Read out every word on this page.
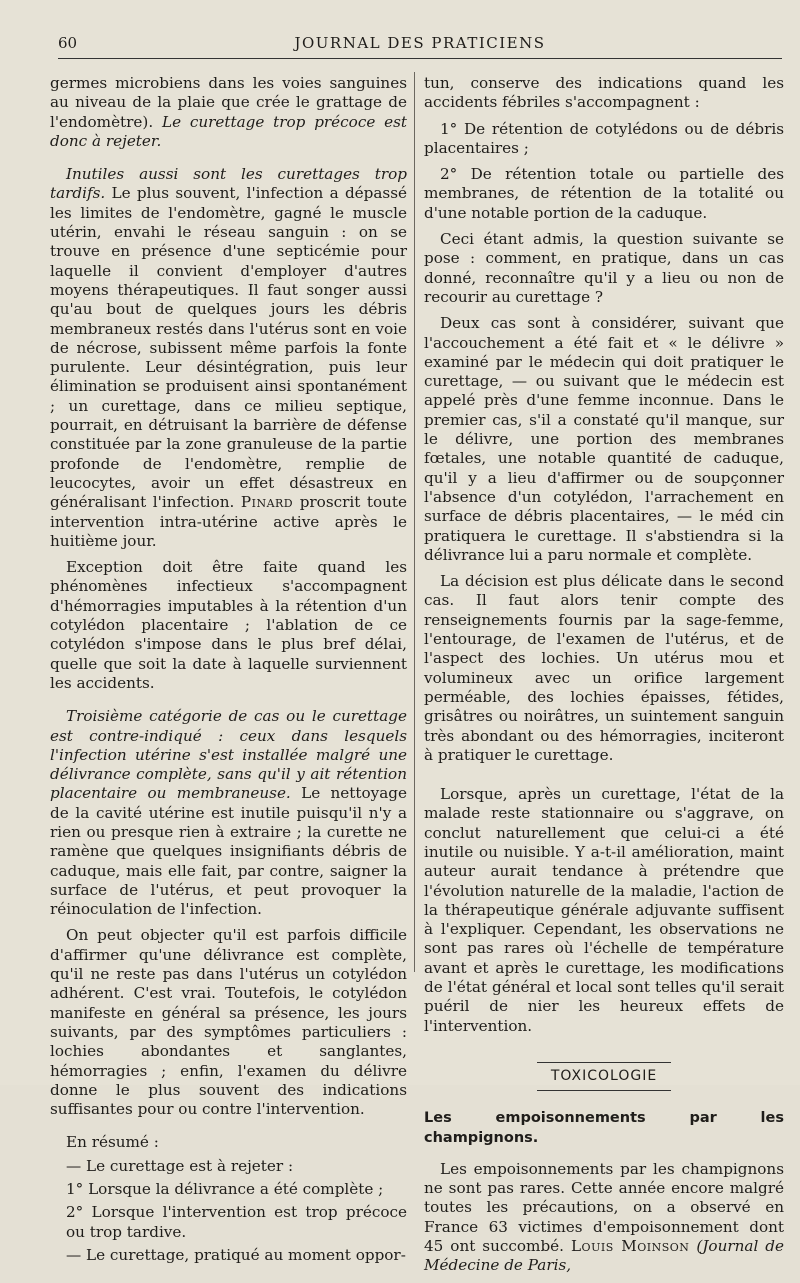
60	JOURNAL DES PRATICIENS

germes microbiens dans les voies sanguines au niveau de la plaie que crée le grattage de l'endomètre). Le curettage trop précoce est donc à rejeter.

Inutiles aussi sont les curettages trop tardifs. Le plus souvent, l'infection a dépassé les limites de l'endomètre, gagné le muscle utérin, envahi le réseau sanguin : on se trouve en présence d'une septicémie pour laquelle il convient d'employer d'autres moyens thérapeutiques. Il faut songer aussi qu'au bout de quelques jours les débris membraneux restés dans l'utérus sont en voie de nécrose, subissent même parfois la fonte purulente. Leur désintégration, puis leur élimination se produisent ainsi spontanément ; un curettage, dans ce milieu septique, pourrait, en détruisant la barrière de défense constituée par la zone granuleuse de la partie profonde de l'endomètre, remplie de leucocytes, avoir un effet désastreux en généralisant l'infection. Pinard proscrit toute intervention intra-utérine active après le huitième jour.

Exception doit être faite quand les phénomènes infectieux s'accompagnent d'hémorragies imputables à la rétention d'un cotylédon placentaire ; l'ablation de ce cotylédon s'impose dans le plus bref délai, quelle que soit la date à laquelle surviennent les accidents.

Troisième catégorie de cas ou le curettage est contre-indiqué : ceux dans lesquels l'infection utérine s'est installée malgré une délivrance complète, sans qu'il y ait rétention placentaire ou membraneuse. Le nettoyage de la cavité utérine est inutile puisqu'il n'y a rien ou presque rien à extraire ; la curette ne ramène que quelques insignifiants débris de caduque, mais elle fait, par contre, saigner la surface de l'utérus, et peut provoquer la réinoculation de l'infection.

On peut objecter qu'il est parfois difficile d'affirmer qu'une délivrance est complète, qu'il ne reste pas dans l'utérus un cotylédon adhérent. C'est vrai. Toutefois, le cotylédon manifeste en général sa présence, les jours suivants, par des symptômes particuliers : lochies abondantes et sanglantes, hémorragies ; enfin, l'examen du délivre donne le plus souvent des indications suffisantes pour ou contre l'intervention.

En résumé :

— Le curettage est à rejeter :

1° Lorsque la délivrance a été complète ;

2° Lorsque l'intervention est trop précoce ou trop tardive.

— Le curettage, pratiqué au moment oppor-

tun, conserve des indications quand les accidents fébriles s'accompagnent :

1° De rétention de cotylédons ou de débris placentaires ;

2° De rétention totale ou partielle des membranes, de rétention de la totalité ou d'une notable portion de la caduque.

Ceci étant admis, la question suivante se pose : comment, en pratique, dans un cas donné, reconnaître qu'il y a lieu ou non de recourir au curettage ?

Deux cas sont à considérer, suivant que l'accouchement a été fait et « le délivre » examiné par le médecin qui doit pratiquer le curettage, — ou suivant que le médecin est appelé près d'une femme inconnue. Dans le premier cas, s'il a constaté qu'il manque, sur le délivre, une portion des membranes fœtales, une notable quantité de caduque, qu'il y a lieu d'affirmer ou de soupçonner l'absence d'un cotylédon, l'arrachement en surface de débris placentaires, — le méd cin pratiquera le curettage. Il s'abstiendra si la délivrance lui a paru normale et complète.

La décision est plus délicate dans le second cas. Il faut alors tenir compte des renseignements fournis par la sage-femme, l'entourage, de l'examen de l'utérus, et de l'aspect des lochies. Un utérus mou et volumineux avec un orifice largement perméable, des lochies épaisses, fétides, grisâtres ou noirâtres, un suintement sanguin très abondant ou des hémorragies, inciteront à pratiquer le curettage.

Lorsque, après un curettage, l'état de la malade reste stationnaire ou s'aggrave, on conclut naturellement que celui-ci a été inutile ou nuisible. Y a-t-il amélioration, maint auteur aurait tendance à prétendre que l'évolution naturelle de la maladie, l'action de la thérapeutique générale adjuvante suffisent à l'expliquer. Cependant, les observations ne sont pas rares où l'échelle de température avant et après le curettage, les modifications de l'état général et local sont telles qu'il serait puéril de nier les heureux effets de l'intervention.

TOXICOLOGIE
Les empoisonnements par les champignons.

Les empoisonnements par les champignons ne sont pas rares. Cette année encore malgré toutes les précautions, on a observé en France 63 victimes d'empoisonnement dont 45 ont succombé. Louis Moinson (Journal de Médecine de Paris,
